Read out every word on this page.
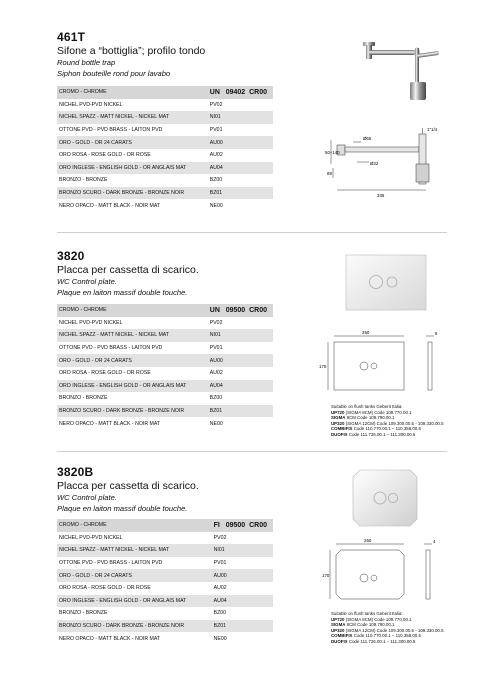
461T
Sifone a “bottiglia”; profilo tondo
Round bottle trap
Siphon bouteille rond pour lavabo
CROMO - CHROME	UN 09402 CR00
NICHEL PVD-PVD NICKEL	PV02
NICHEL SPAZZ - MATT NICKEL - NICKEL MAT	NI01
OTTONE PVD - PVD BRASS - LAITON PVD	PV01
ORO - GOLD - OR 24 CARATS	AU00
ORO ROSA - ROSE GOLD - OR ROSE	AU02
ORO INGLESE - ENGLISH GOLD - OR ANGLAIS MAT	AU04
BRONZO - BRONZE	BZ00
BRONZO SCURO - DARK BRONZE - BRONZE NOIR	BZ01
NERO OPACO - MATT BLACK - NOIR MAT	NE00
1"1/4
Ø65
Ø32
50÷140
89
335
3820
Placca per cassetta di scarico.
WC Control plate.
Plaque en laiton massif double touche.
CROMO - CHROME	UN 09500 CR00
NICHEL PVD-PVD NICKEL	PV02
NICHEL SPAZZ - MATT NICKEL - NICKEL MAT	NI01
OTTONE PVD - PVD BRASS - LAITON PVD	PV01
ORO - GOLD - OR 24 CARATS	AU00
ORO ROSA - ROSE GOLD - OR ROSE	AU02
ORO INGLESE - ENGLISH GOLD - OR ANGLAIS MAT	AU04
BRONZO - BRONZE	BZ00
BRONZO SCURO - DARK BRONZE - BRONZE NOIR	BZ01
NERO OPACO - MATT BLACK - NOIR MAT	NE00
250
170
6
Suitable on flush tanks Geberit Italia:
UP720 (SIGMA 8CM) Code 109.770.00.1
SIGMA 8CM Code 109.790.00.1
UP320 (SIGMA 12CM) Code 109.300.00.5 - 109.330.00.5
COMBIFIX Code 110.770.00.1 – 110.358.00.5
DUOFIX Code 111.726.00.1 – 111.300.00.5
3820B
Placca per cassetta di scarico.
WC Control plate.
Plaque en laiton massif double touche.
CROMO - CHROME	FI 09500 CR00
NICHEL PVD-PVD NICKEL	PV02
NICHEL SPAZZ - MATT NICKEL - NICKEL MAT	NI01
OTTONE PVD - PVD BRASS - LAITON PVD	PV01
ORO - GOLD - OR 24 CARATS	AU00
ORO ROSA - ROSE GOLD - OR ROSE	AU02
ORO INGLESE - ENGLISH GOLD - OR ANGLAIS MAT	AU04
BRONZO - BRONZE	BZ00
BRONZO SCURO - DARK BRONZE - BRONZE NOIR	BZ01
NERO OPACO - MATT BLACK - NOIR MAT	NE00
260
170
4
Suitable on flush tanks Geberit Italia:
UP720 (SIGMA 8CM) Code 109.770.00.1
SIGMA 8CM Code 109.790.00.1
UP320 (SIGMA 12CM) Code 109.300.00.5 - 109.330.00.5
COMBIFIX Code 110.770.00.1 – 110.358.00.5
DUOFIX Code 111.726.00.1 – 111.300.00.5
